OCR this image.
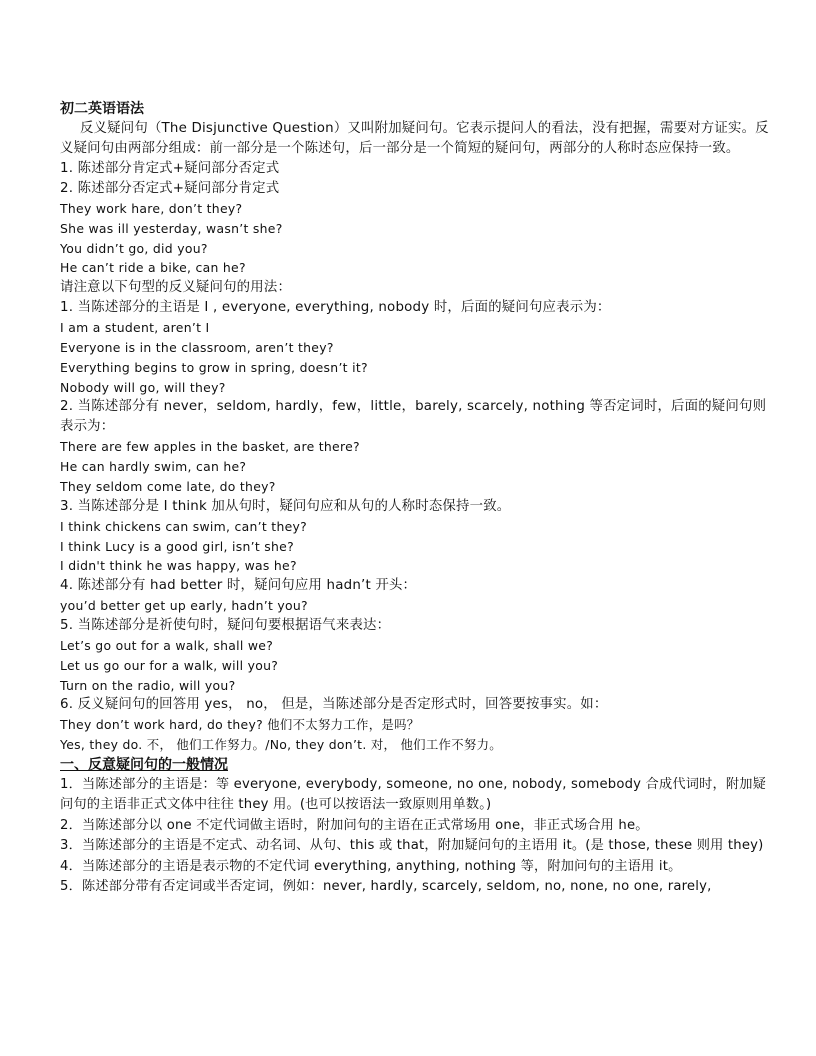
初二英语语法

反义疑问句（The Disjunctive Question）又叫附加疑问句。它表示提问人的看法，没有把握，需要对方证实。反义疑问句由两部分组成：前一部分是一个陈述句，后一部分是一个简短的疑问句，两部分的人称时态应保持一致。

1. 陈述部分肯定式+疑问部分否定式

2. 陈述部分否定式+疑问部分肯定式

They work hare, don’t they?

She was ill yesterday, wasn’t she?

You didn’t go, did you?

He can’t ride a bike, can he?

请注意以下句型的反义疑问句的用法：

1. 当陈述部分的主语是 I , everyone, everything, nobody 时，后面的疑问句应表示为：

I am a student, aren’t I

Everyone is in the classroom, aren’t they?

Everything begins to grow in spring, doesn’t it?

Nobody will go, will they?

2. 当陈述部分有 never，seldom, hardly，few，little，barely, scarcely, nothing 等否定词时，后面的疑问句则表示为：

There are few apples in the basket, are there?

He can hardly swim, can he?

They seldom come late, do they?

3. 当陈述部分是 I think 加从句时，疑问句应和从句的人称时态保持一致。

I think chickens can swim, can’t they?

I think Lucy is a good girl, isn’t she?

I didn't think he was happy, was he?

4. 陈述部分有 had better 时，疑问句应用 hadn’t 开头：

you’d better get up early, hadn’t you?

5. 当陈述部分是祈使句时，疑问句要根据语气来表达：

Let’s go out for a walk, shall we?

Let us go our for a walk, will you?

Turn on the radio, will you?

6. 反义疑问句的回答用 yes， no， 但是，当陈述部分是否定形式时，回答要按事实。如：

They don’t work hard, do they? 他们不太努力工作，是吗？

Yes, they do. 不， 他们工作努力。/No, they don’t. 对， 他们工作不努力。

一、反意疑问句的一般情况

1．当陈述部分的主语是：等 everyone, everybody, someone, no one, nobody, somebody 合成代词时，附加疑问句的主语非正式文体中往往 they 用。(也可以按语法一致原则用单数。)

2．当陈述部分以 one 不定代词做主语时，附加问句的主语在正式常场用 one，非正式场合用 he。

3．当陈述部分的主语是不定式、动名词、从句、this 或 that，附加疑问句的主语用 it。(是 those, these 则用 they)

4．当陈述部分的主语是表示物的不定代词 everything, anything, nothing 等，附加问句的主语用 it。

5．陈述部分带有否定词或半否定词，例如：never, hardly, scarcely, seldom, no, none, no one, rarely,
